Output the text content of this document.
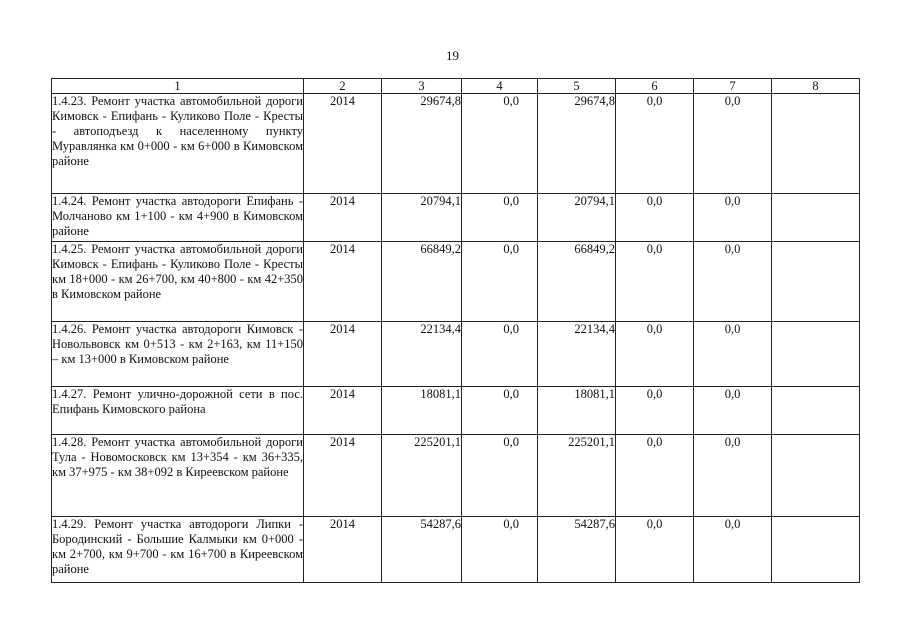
19
1	2	3	4	5	6	7	8
1.4.23. Ремонт участка автомобильной дороги Кимовск - Епифань - Куликово Поле - Кресты - автоподъезд к населенному пункту Муравлянка км 0+000 - км 6+000 в Кимовском районе	2014	29674,8	0,0	29674,8	0,0	0,0	
1.4.24. Ремонт участка автодороги Епифань - Молчаново км 1+100 - км 4+900 в Кимовском районе	2014	20794,1	0,0	20794,1	0,0	0,0	
1.4.25. Ремонт участка автомобильной дороги Кимовск - Епифань - Куликово Поле - Кресты км 18+000 - км 26+700, км 40+800 - км 42+350 в Кимовском районе	2014	66849,2	0,0	66849,2	0,0	0,0	
1.4.26. Ремонт участка автодороги Кимовск - Новольвовск км 0+513 - км 2+163, км 11+150 – км 13+000 в Кимовском районе	2014	22134,4	0,0	22134,4	0,0	0,0	
1.4.27. Ремонт улично-дорожной сети в пос. Епифань Кимовского района	2014	18081,1	0,0	18081,1	0,0	0,0	
1.4.28. Ремонт участка автомобильной дороги Тула - Новомосковск км 13+354 - км 36+335, км 37+975 - км 38+092 в Киреевском районе	2014	225201,1	0,0	225201,1	0,0	0,0	
1.4.29. Ремонт участка автодороги Липки - Бородинский - Большие Калмыки км 0+000 - км 2+700, км 9+700 - км 16+700 в Киреевском районе	2014	54287,6	0,0	54287,6	0,0	0,0	
